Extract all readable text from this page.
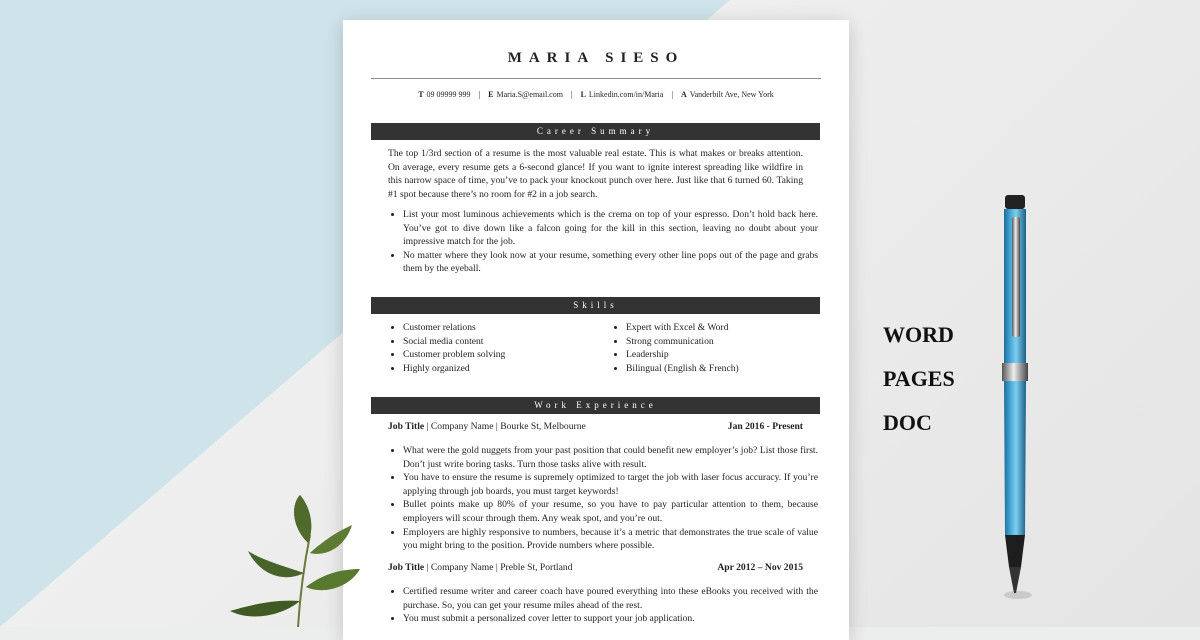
MARIA SIESO
T 09 09999 999 | E Maria.S@email.com | L Linkedin.com/in/Maria | A Vanderbilt Ave, New York
Career Summary
The top 1/3rd section of a resume is the most valuable real estate. This is what makes or breaks attention. On average, every resume gets a 6-second glance! If you want to ignite interest spreading like wildfire in this narrow space of time, you’ve to pack your knockout punch over here. Just like that 6 turned 60. Taking #1 spot because there’s no room for #2 in a job search.
• List your most luminous achievements which is the crema on top of your espresso. Don’t hold back here. You’ve got to dive down like a falcon going for the kill in this section, leaving no doubt about your impressive match for the job.
• No matter where they look now at your resume, something every other line pops out of the page and grabs them by the eyeball.
Skills
• Customer relations
• Social media content
• Customer problem solving
• Highly organized
• Expert with Excel & Word
• Strong communication
• Leadership
• Bilingual (English & French)
Work Experience
Job Title | Company Name | Bourke St, Melbourne	Jan 2016 - Present
• What were the gold nuggets from your past position that could benefit new employer’s job? List those first. Don’t just write boring tasks. Turn those tasks alive with result.
• You have to ensure the resume is supremely optimized to target the job with laser focus accuracy. If you’re applying through job boards, you must target keywords!
• Bullet points make up 80% of your resume, so you have to pay particular attention to them, because employers will scour through them. Any weak spot, and you’re out.
• Employers are highly responsive to numbers, because it’s a metric that demonstrates the true scale of value you might bring to the position. Provide numbers where possible.
Job Title | Company Name | Preble St, Portland	Apr 2012 – Nov 2015
• Certified resume writer and career coach have poured everything into these eBooks you received with the purchase. So, you can get your resume miles ahead of the rest.
• You must submit a personalized cover letter to support your job application.
WORD
PAGES
DOC
